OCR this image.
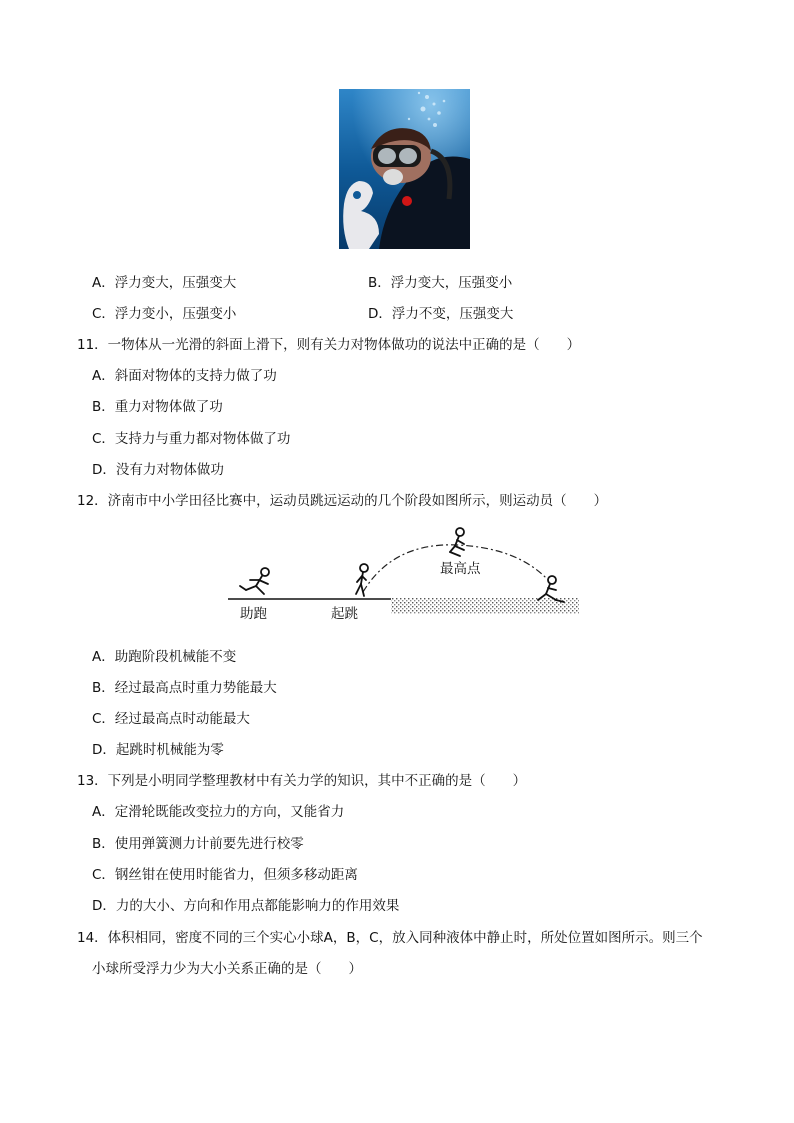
A．浮力变大，压强变大	B．浮力变大，压强变小
C．浮力变小，压强变小	D．浮力不变，压强变大
11．一物体从一光滑的斜面上滑下，则有关力对物体做功的说法中正确的是（　　）
A．斜面对物体的支持力做了功
B．重力对物体做了功
C．支持力与重力都对物体做了功
D．没有力对物体做功
12．济南市中小学田径比赛中，运动员跳远运动的几个阶段如图所示，则运动员（　　）
助跑	起跳
最高点
A．助跑阶段机械能不变
B．经过最高点时重力势能最大
C．经过最高点时动能最大
D．起跳时机械能为零
13．下列是小明同学整理教材中有关力学的知识，其中不正确的是（　　）
A．定滑轮既能改变拉力的方向，又能省力
B．使用弹簧测力计前要先进行校零
C．钢丝钳在使用时能省力，但须多移动距离
D．力的大小、方向和作用点都能影响力的作用效果
14．体积相同，密度不同的三个实心小球A，B，C，放入同种液体中静止时，所处位置如图所示。则三个
小球所受浮力少为大小关系正确的是（　　）
